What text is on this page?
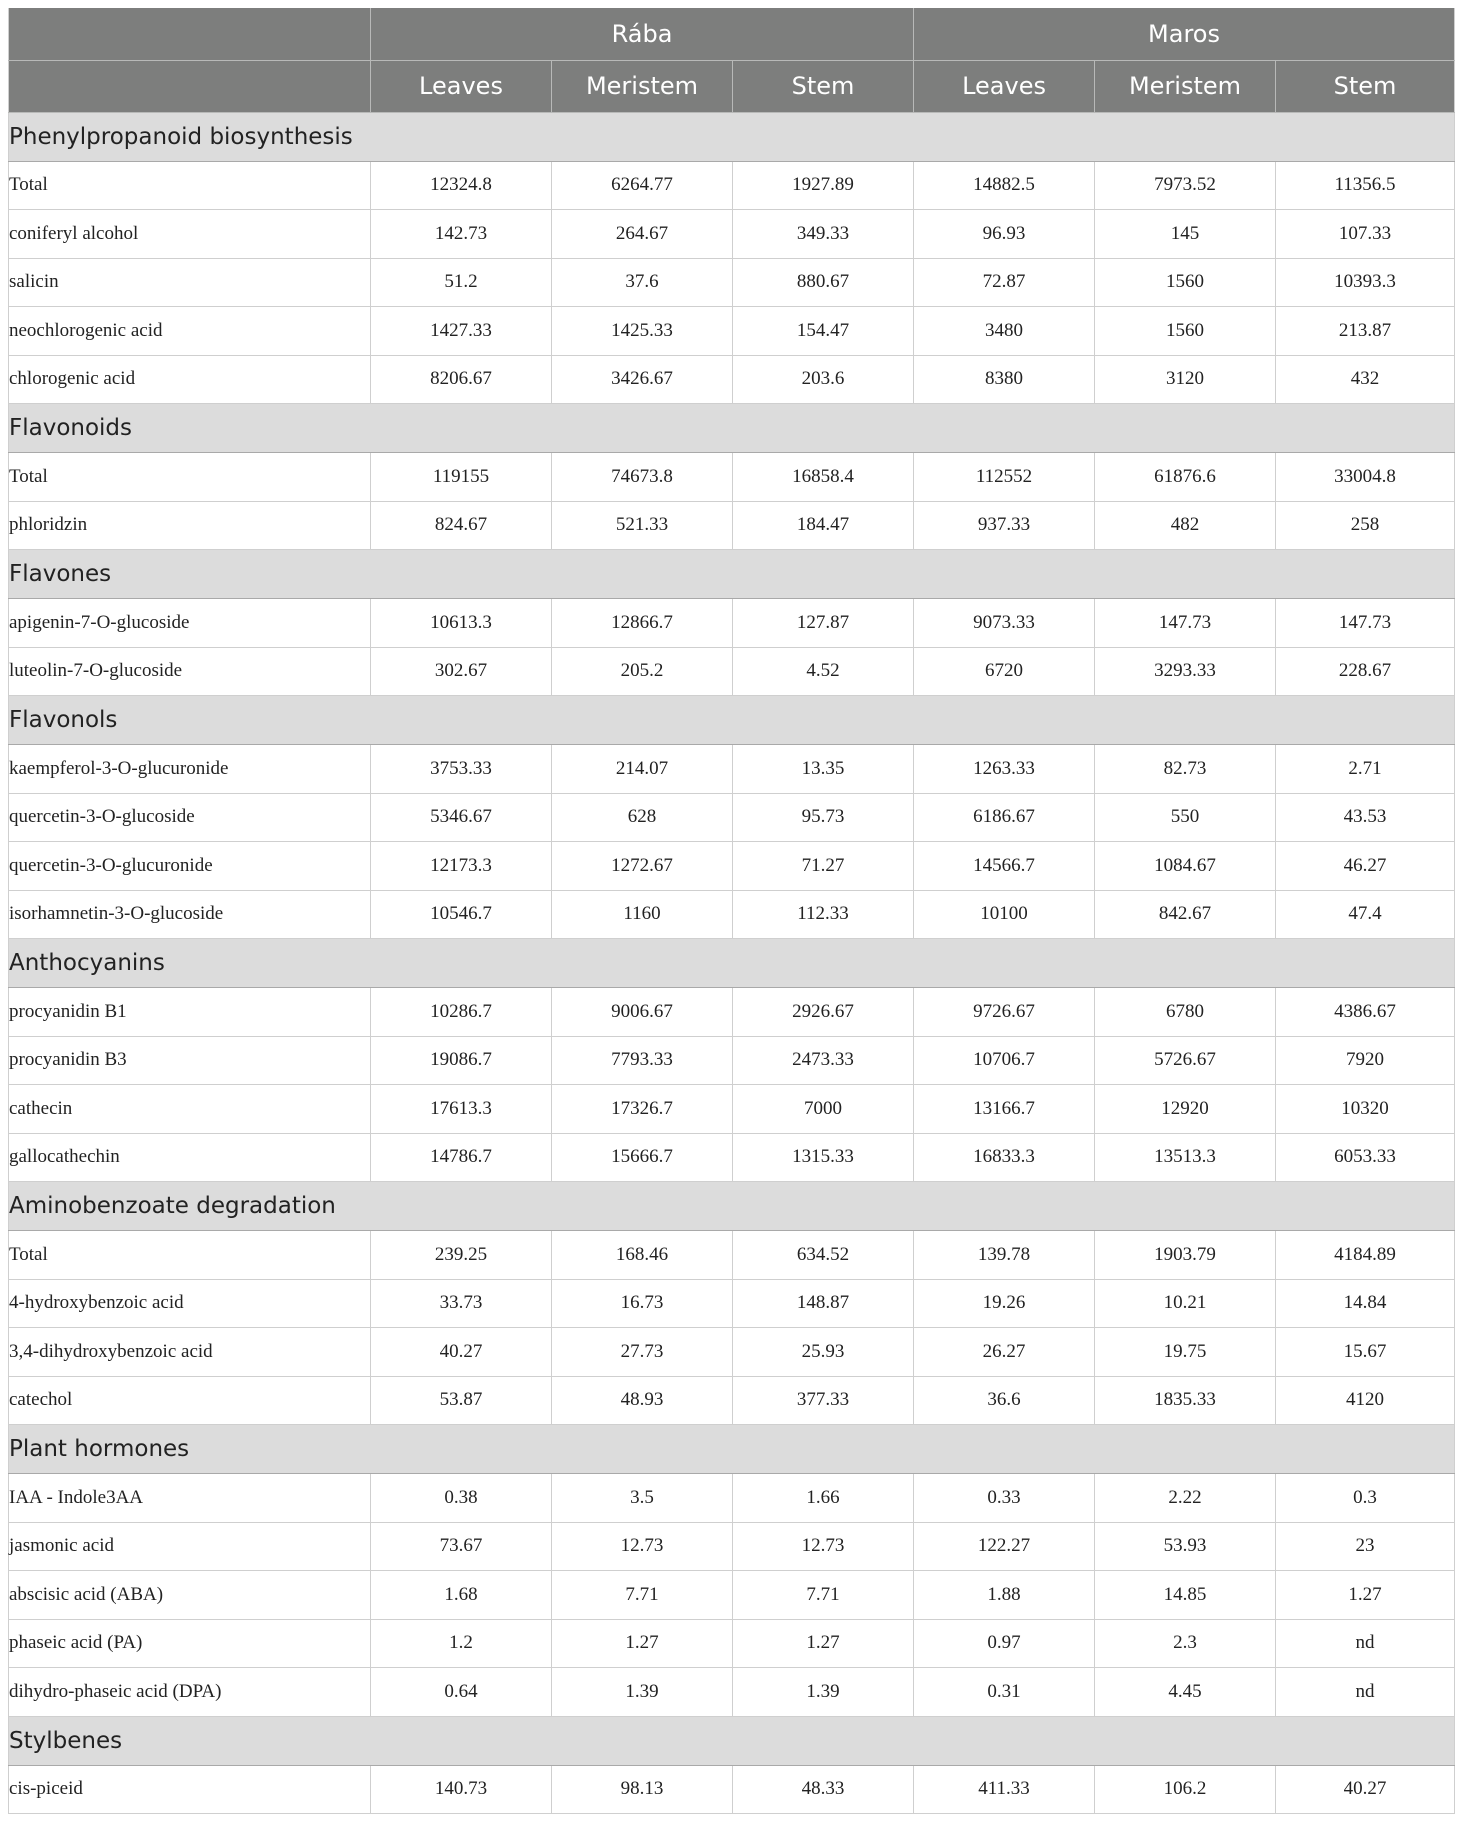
	Rába			Maros		
	Leaves	Meristem	Stem	Leaves	Meristem	Stem
Phenylpropanoid biosynthesis						
Total	12324.8	6264.77	1927.89	14882.5	7973.52	11356.5
coniferyl alcohol	142.73	264.67	349.33	96.93	145	107.33
salicin	51.2	37.6	880.67	72.87	1560	10393.3
neochlorogenic acid	1427.33	1425.33	154.47	3480	1560	213.87
chlorogenic acid	8206.67	3426.67	203.6	8380	3120	432
Flavonoids						
Total	119155	74673.8	16858.4	112552	61876.6	33004.8
phloridzin	824.67	521.33	184.47	937.33	482	258
Flavones						
apigenin-7-O-glucoside	10613.3	12866.7	127.87	9073.33	147.73	147.73
luteolin-7-O-glucoside	302.67	205.2	4.52	6720	3293.33	228.67
Flavonols						
kaempferol-3-O-glucuronide	3753.33	214.07	13.35	1263.33	82.73	2.71
quercetin-3-O-glucoside	5346.67	628	95.73	6186.67	550	43.53
quercetin-3-O-glucuronide	12173.3	1272.67	71.27	14566.7	1084.67	46.27
isorhamnetin-3-O-glucoside	10546.7	1160	112.33	10100	842.67	47.4
Anthocyanins						
procyanidin B1	10286.7	9006.67	2926.67	9726.67	6780	4386.67
procyanidin B3	19086.7	7793.33	2473.33	10706.7	5726.67	7920
cathecin	17613.3	17326.7	7000	13166.7	12920	10320
gallocathechin	14786.7	15666.7	1315.33	16833.3	13513.3	6053.33
Aminobenzoate degradation						
Total	239.25	168.46	634.52	139.78	1903.79	4184.89
4-hydroxybenzoic acid	33.73	16.73	148.87	19.26	10.21	14.84
3,4-dihydroxybenzoic acid	40.27	27.73	25.93	26.27	19.75	15.67
catechol	53.87	48.93	377.33	36.6	1835.33	4120
Plant hormones						
IAA - Indole3AA	0.38	3.5	1.66	0.33	2.22	0.3
jasmonic acid	73.67	12.73	12.73	122.27	53.93	23
abscisic acid (ABA)	1.68	7.71	7.71	1.88	14.85	1.27
phaseic acid (PA)	1.2	1.27	1.27	0.97	2.3	nd
dihydro-phaseic acid (DPA)	0.64	1.39	1.39	0.31	4.45	nd
Stylbenes						
cis-piceid	140.73	98.13	48.33	411.33	106.2	40.27
